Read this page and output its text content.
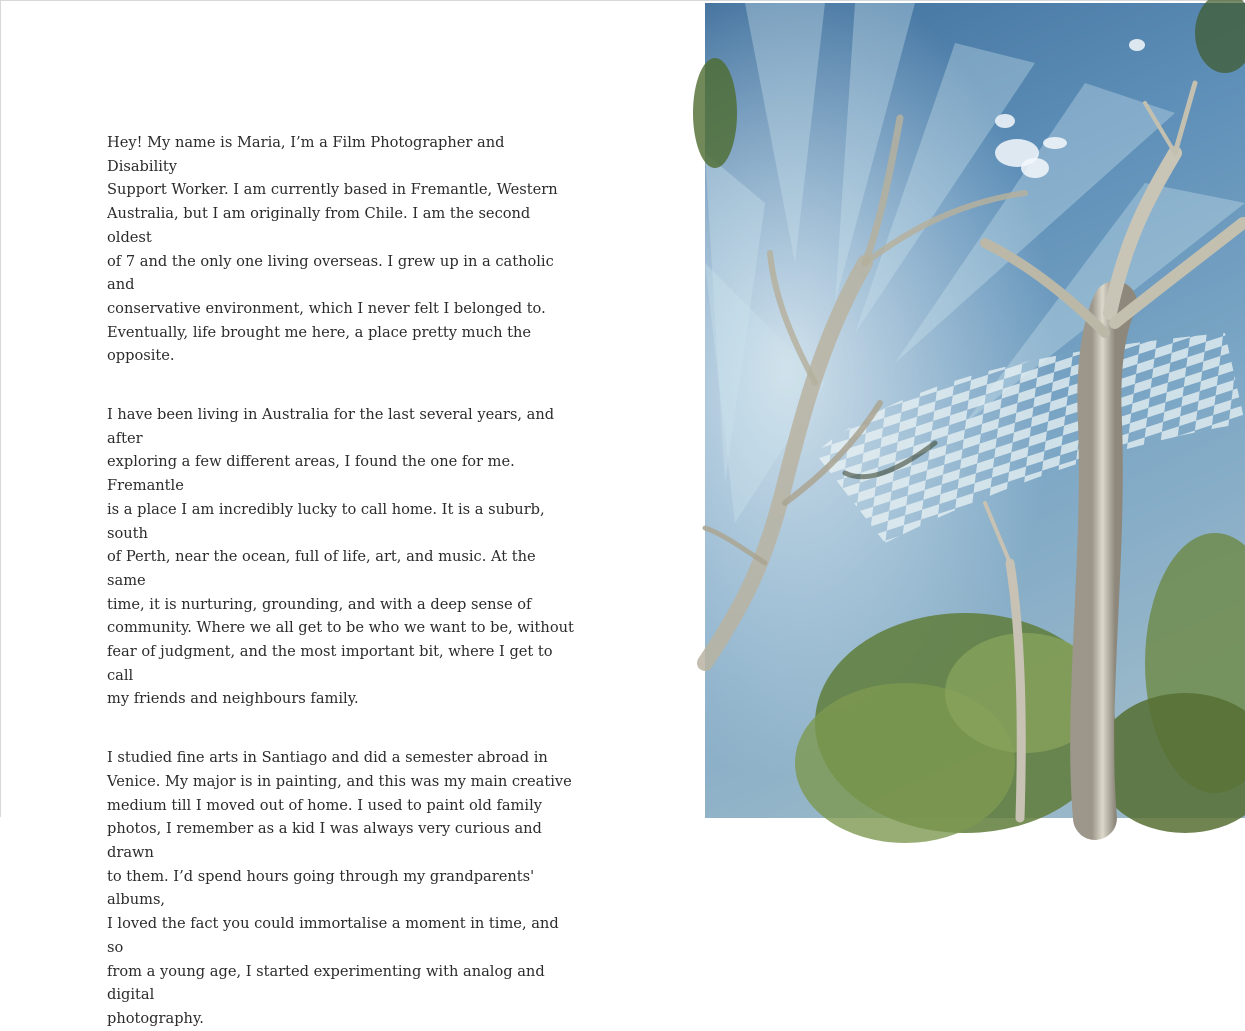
Hey! My name is Maria, I’m a Film Photographer and Disability
Support Worker. I am currently based in Fremantle, Western
Australia, but I am originally from Chile. I am the second oldest
of 7 and the only one living overseas. I grew up in a catholic and
conservative environment, which I never felt I belonged to.
Eventually, life brought me here, a place pretty much the
opposite.

I have been living in Australia for the last several years, and after
exploring a few different areas, I found the one for me. Fremantle
is a place I am incredibly lucky to call home. It is a suburb, south
of Perth, near the ocean, full of life, art, and music. At the same
time, it is nurturing, grounding, and with a deep sense of
community. Where we all get to be who we want to be, without
fear of judgment, and the most important bit, where I get to call
my friends and neighbours family.

I studied fine arts in Santiago and did a semester abroad in
Venice. My major is in painting, and this was my main creative
medium till I moved out of home. I used to paint old family
photos, I remember as a kid I was always very curious and drawn
to them. I’d spend hours going through my grandparents' albums,
I loved the fact you could immortalise a moment in time, and so
from a young age, I started experimenting with analog and digital
photography.
